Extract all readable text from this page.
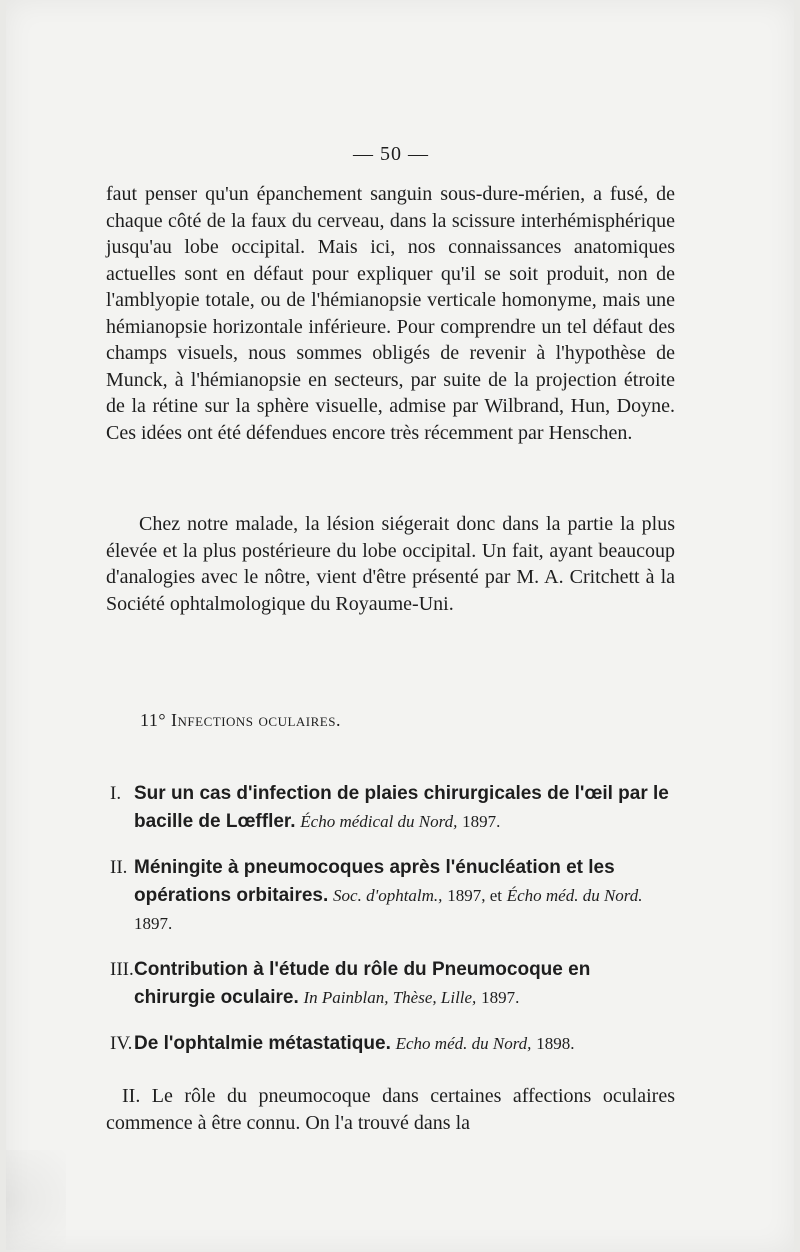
— 50 —
faut penser qu'un épanchement sanguin sous-dure-mérien, a fusé, de chaque côté de la faux du cerveau, dans la scissure interhémisphérique jusqu'au lobe occipital. Mais ici, nos connaissances anatomiques actuelles sont en défaut pour expliquer qu'il se soit produit, non de l'amblyopie totale, ou de l'hémianopsie verticale homonyme, mais une hémianopsie horizontale inférieure. Pour comprendre un tel défaut des champs visuels, nous sommes obligés de revenir à l'hypothèse de Munck, à l'hémianopsie en secteurs, par suite de la projection étroite de la rétine sur la sphère visuelle, admise par Wilbrand, Hun, Doyne. Ces idées ont été défendues encore très récemment par Henschen.
Chez notre malade, la lésion siégerait donc dans la partie la plus élevée et la plus postérieure du lobe occipital. Un fait, ayant beaucoup d'analogies avec le nôtre, vient d'être présenté par M. A. Critchett à la Société ophtalmologique du Royaume-Uni.
11° Infections oculaires.
I. Sur un cas d'infection de plaies chirurgicales de l'œil par le bacille de Lœffler. Écho médical du Nord, 1897.
II. Méningite à pneumocoques après l'énucléation et les opérations orbitaires. Soc. d'ophtalm., 1897, et Écho méd. du Nord. 1897.
III. Contribution à l'étude du rôle du Pneumocoque en chirurgie oculaire. In Painblan, Thèse, Lille, 1897.
IV. De l'ophtalmie métastatique. Echo méd. du Nord, 1898.
II. Le rôle du pneumocoque dans certaines affections oculaires commence à être connu. On l'a trouvé dans la
